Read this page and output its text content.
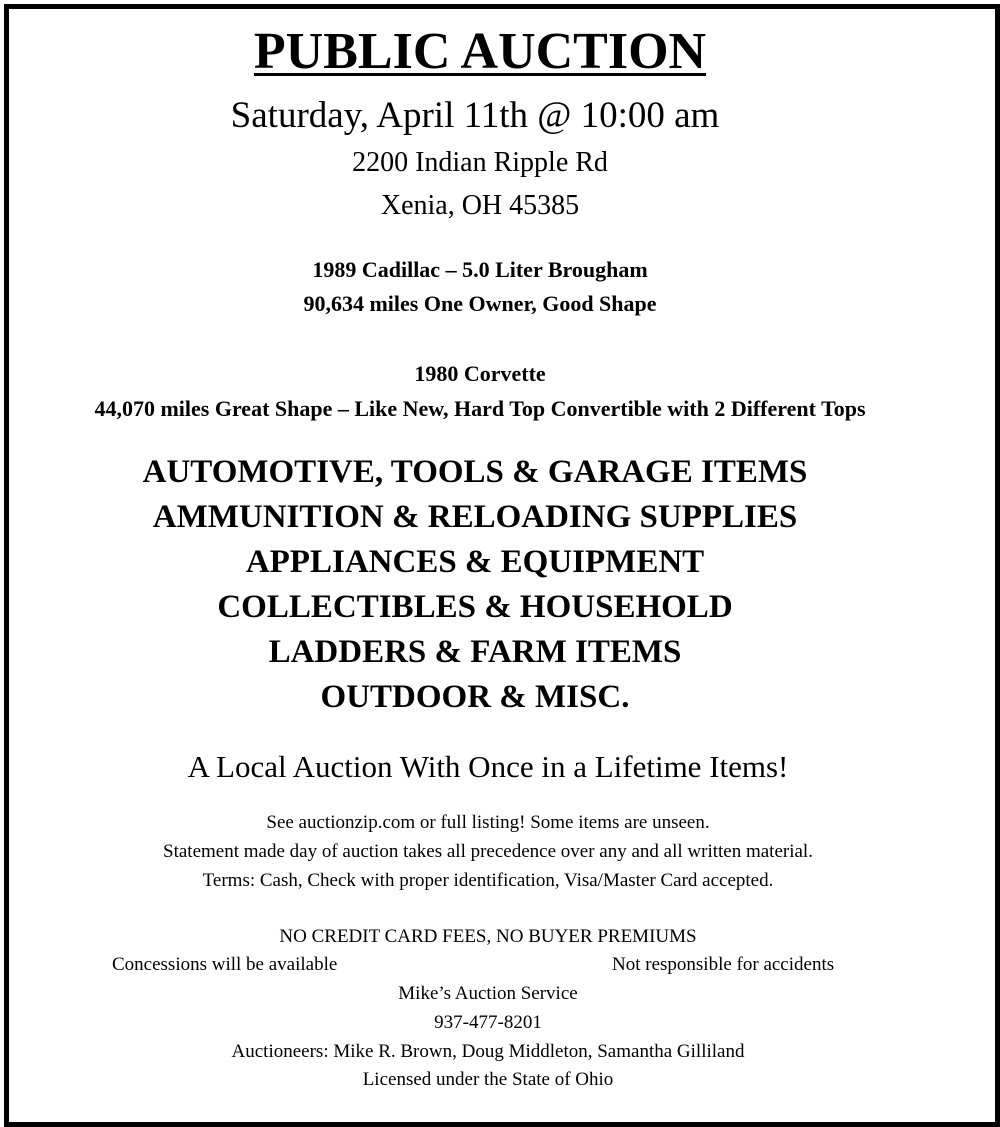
PUBLIC AUCTION
Saturday, April 11th @ 10:00 am
2200 Indian Ripple Rd
Xenia, OH 45385
1989 Cadillac – 5.0 Liter Brougham
90,634 miles One Owner, Good Shape
1980 Corvette
44,070 miles Great Shape – Like New, Hard Top Convertible with 2 Different Tops
AUTOMOTIVE, TOOLS & GARAGE ITEMS
AMMUNITION & RELOADING SUPPLIES
APPLIANCES & EQUIPMENT
COLLECTIBLES & HOUSEHOLD
LADDERS & FARM ITEMS
OUTDOOR & MISC.
A Local Auction With Once in a Lifetime Items!
See auctionzip.com or full listing! Some items are unseen.
Statement made day of auction takes all precedence over any and all written material.
Terms: Cash, Check with proper identification, Visa/Master Card accepted.
NO CREDIT CARD FEES, NO BUYER PREMIUMS
Concessions will be available	Not responsible for accidents
Mike’s Auction Service
937-477-8201
Auctioneers: Mike R. Brown, Doug Middleton, Samantha Gilliland
Licensed under the State of Ohio
